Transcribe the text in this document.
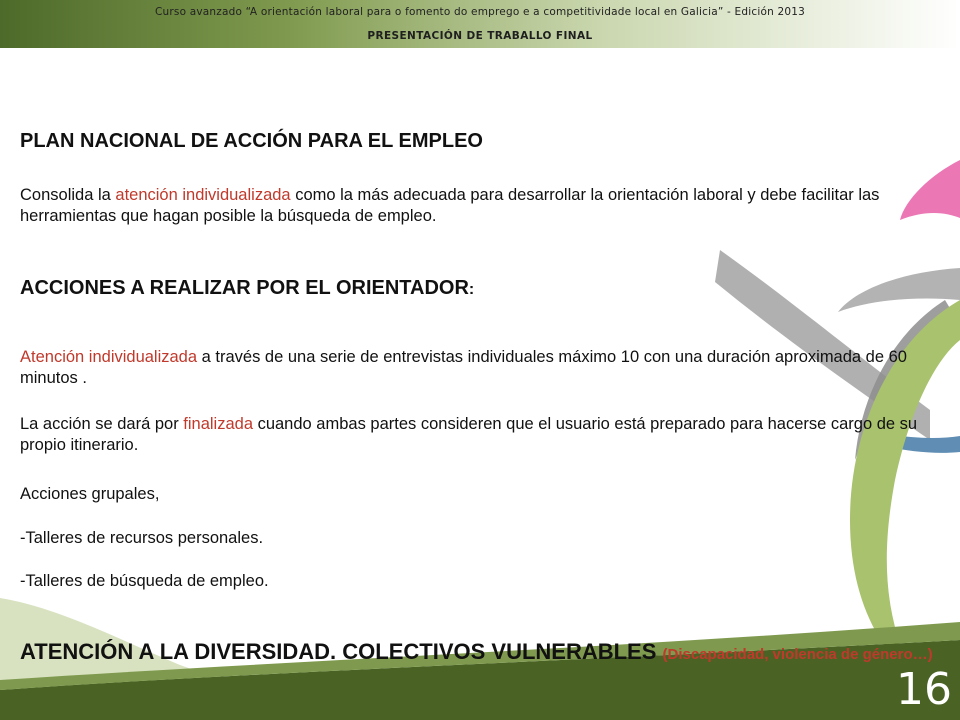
Curso avanzado “A orientación laboral para o fomento do emprego e a competitividade local en Galicia” - Edición 2013
PRESENTACIÓN DE TRABALLO FINAL
PLAN NACIONAL DE ACCIÓN PARA EL EMPLEO
Consolida la atención individualizada como la más adecuada para desarrollar la orientación laboral y debe facilitar las herramientas que hagan posible la búsqueda de empleo.
ACCIONES A REALIZAR POR EL ORIENTADOR:
Atención individualizada a través de una serie de entrevistas individuales máximo 10 con una duración aproximada de 60 minutos .
La acción se dará por finalizada cuando ambas partes consideren que el usuario está preparado para hacerse cargo de su propio itinerario.
Acciones grupales,
-Talleres de recursos personales.
-Talleres de búsqueda de empleo.
ATENCIÓN A LA DIVERSIDAD. COLECTIVOS VULNERABLES (Discapacidad, violencia de género…)
16
